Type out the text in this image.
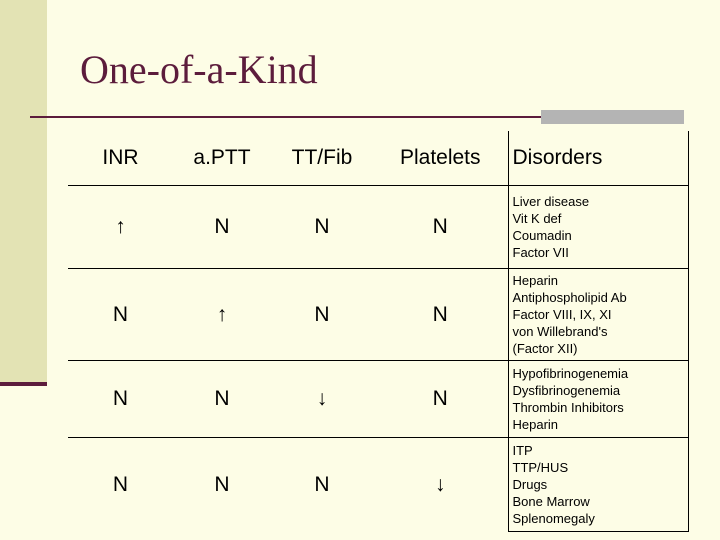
One-of-a-Kind
INR	a.PTT	TT/Fib	Platelets	Disorders
↑	N	N	N	Liver disease
Vit K def
Coumadin
Factor VII

N	↑	N	N	Heparin
Antiphospholipid Ab
Factor VIII, IX, XI
von Willebrand's
(Factor XII)

N	N	↓	N	Hypofibrinogenemia
Dysfibrinogenemia
Thrombin Inhibitors
Heparin

N	N	N	↓	ITP
TTP/HUS
Drugs
Bone Marrow
Splenomegaly
